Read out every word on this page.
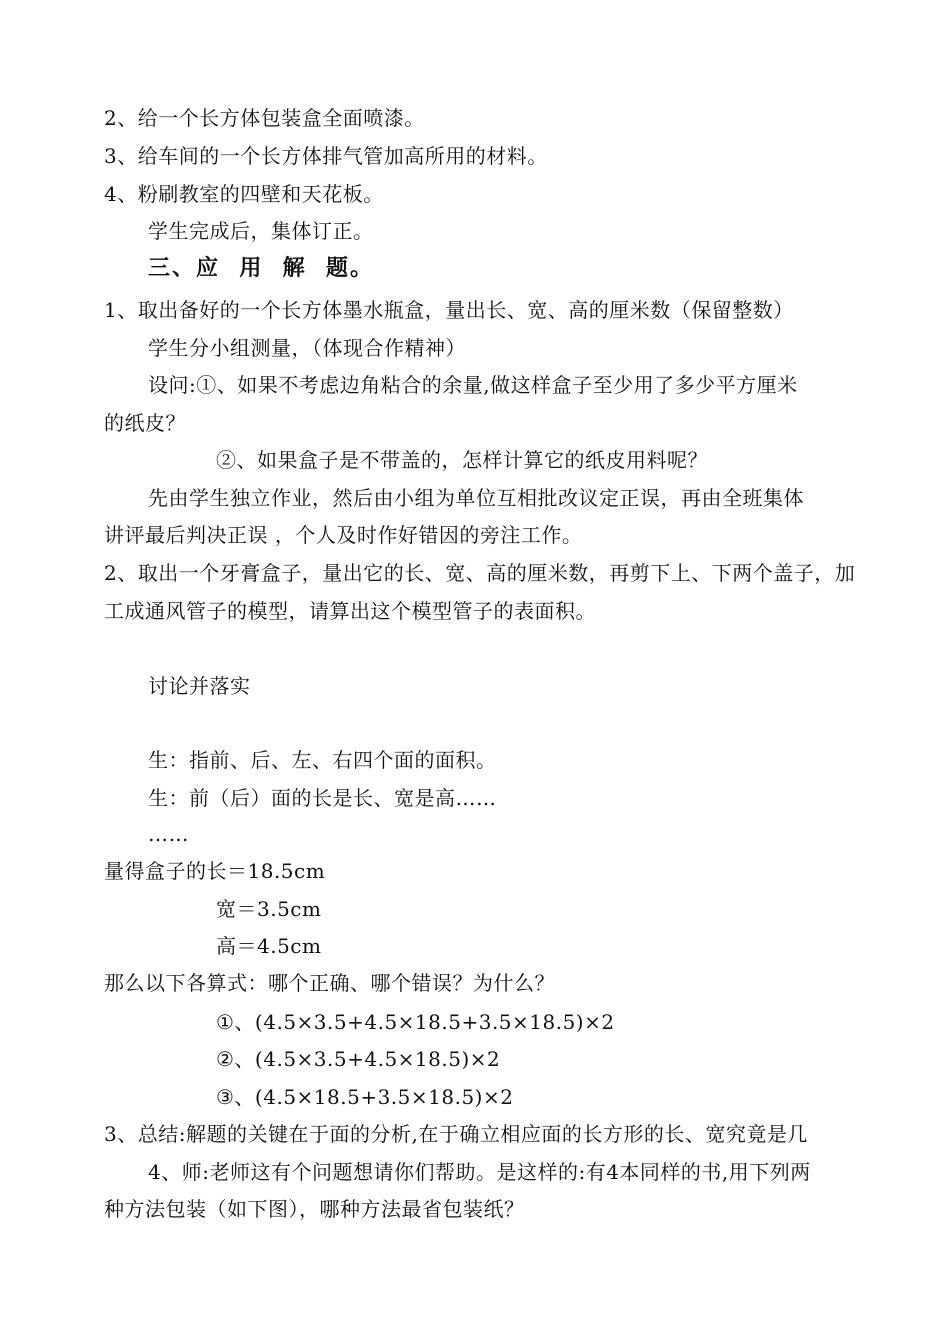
2、给一个长方体包装盒全面喷漆。
3、给车间的一个长方体排气管加高所用的材料。
4、粉刷教室的四壁和天花板。
学生完成后，集体订正。
三、应  用  解  题。
1、取出备好的一个长方体墨水瓶盒，量出长、宽、高的厘米数（保留整数）
学生分小组测量，（体现合作精神）
设问:①、如果不考虑边角粘合的余量,做这样盒子至少用了多少平方厘米
的纸皮？
②、如果盒子是不带盖的，怎样计算它的纸皮用料呢？
先由学生独立作业，然后由小组为单位互相批改议定正误，再由全班集体
讲评最后判决正误 ，个人及时作好错因的旁注工作。
2、取出一个牙膏盒子，量出它的长、宽、高的厘米数，再剪下上、下两个盖子，加
工成通风管子的模型，请算出这个模型管子的表面积。
讨论并落实
生：指前、后、左、右四个面的面积。
生：前（后）面的长是长、宽是高……
……
量得盒子的长＝18.5cm
宽＝3.5cm
高＝4.5cm
那么以下各算式：哪个正确、哪个错误？为什么？
①、(4.5×3.5+4.5×18.5+3.5×18.5)×2
②、(4.5×3.5+4.5×18.5)×2
③、(4.5×18.5+3.5×18.5)×2
3、总结:解题的关键在于面的分析,在于确立相应面的长方形的长、宽究竟是几
4、师:老师这有个问题想请你们帮助。是这样的:有4本同样的书,用下列两
种方法包装（如下图），哪种方法最省包装纸？
